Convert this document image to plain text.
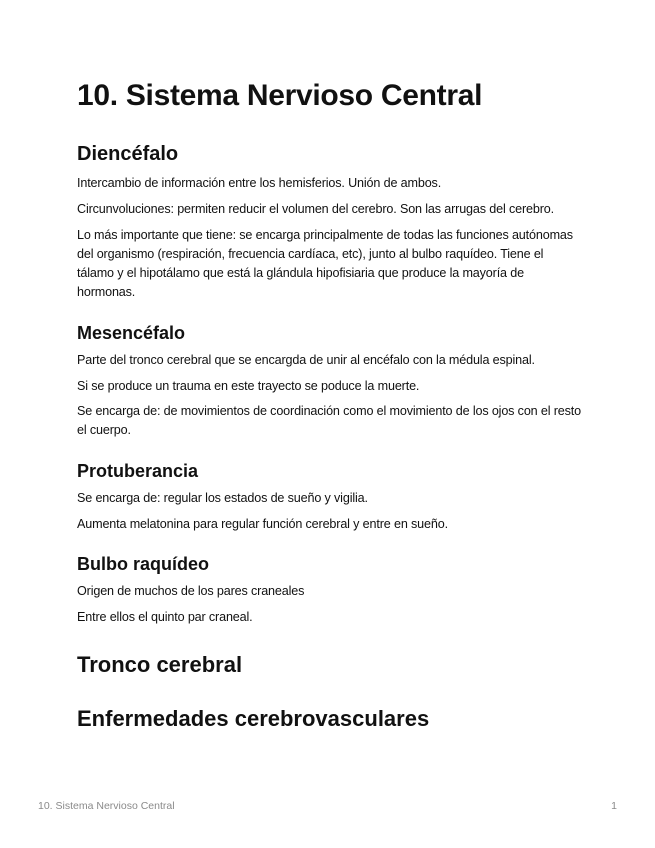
10. Sistema Nervioso Central
Diencéfalo

Intercambio de información entre los hemisferios. Unión de ambos.

Circunvoluciones: permiten reducir el volumen del cerebro. Son las arrugas del cerebro.

Lo más importante que tiene: se encarga principalmente de todas las funciones autónomas del organismo (respiración, frecuencia cardíaca, etc), junto al bulbo raquídeo. Tiene el tálamo y el hipotálamo que está la glándula hipofisiaria que produce la mayoría de hormonas.

Mesencéfalo

Parte del tronco cerebral que se encargda de unir al encéfalo con la médula espinal.

Si se produce un trauma en este trayecto se poduce la muerte.

Se encarga de: de movimientos de coordinación como el movimiento de los ojos con el resto el cuerpo.

Protuberancia

Se encarga de: regular los estados de sueño y vigilia.

Aumenta melatonina para regular función cerebral y entre en sueño.

Bulbo raquídeo

Origen de muchos de los pares craneales

Entre ellos el quinto par craneal.

Tronco cerebral
Enfermedades cerebrovasculares
10. Sistema Nervioso Central	1
